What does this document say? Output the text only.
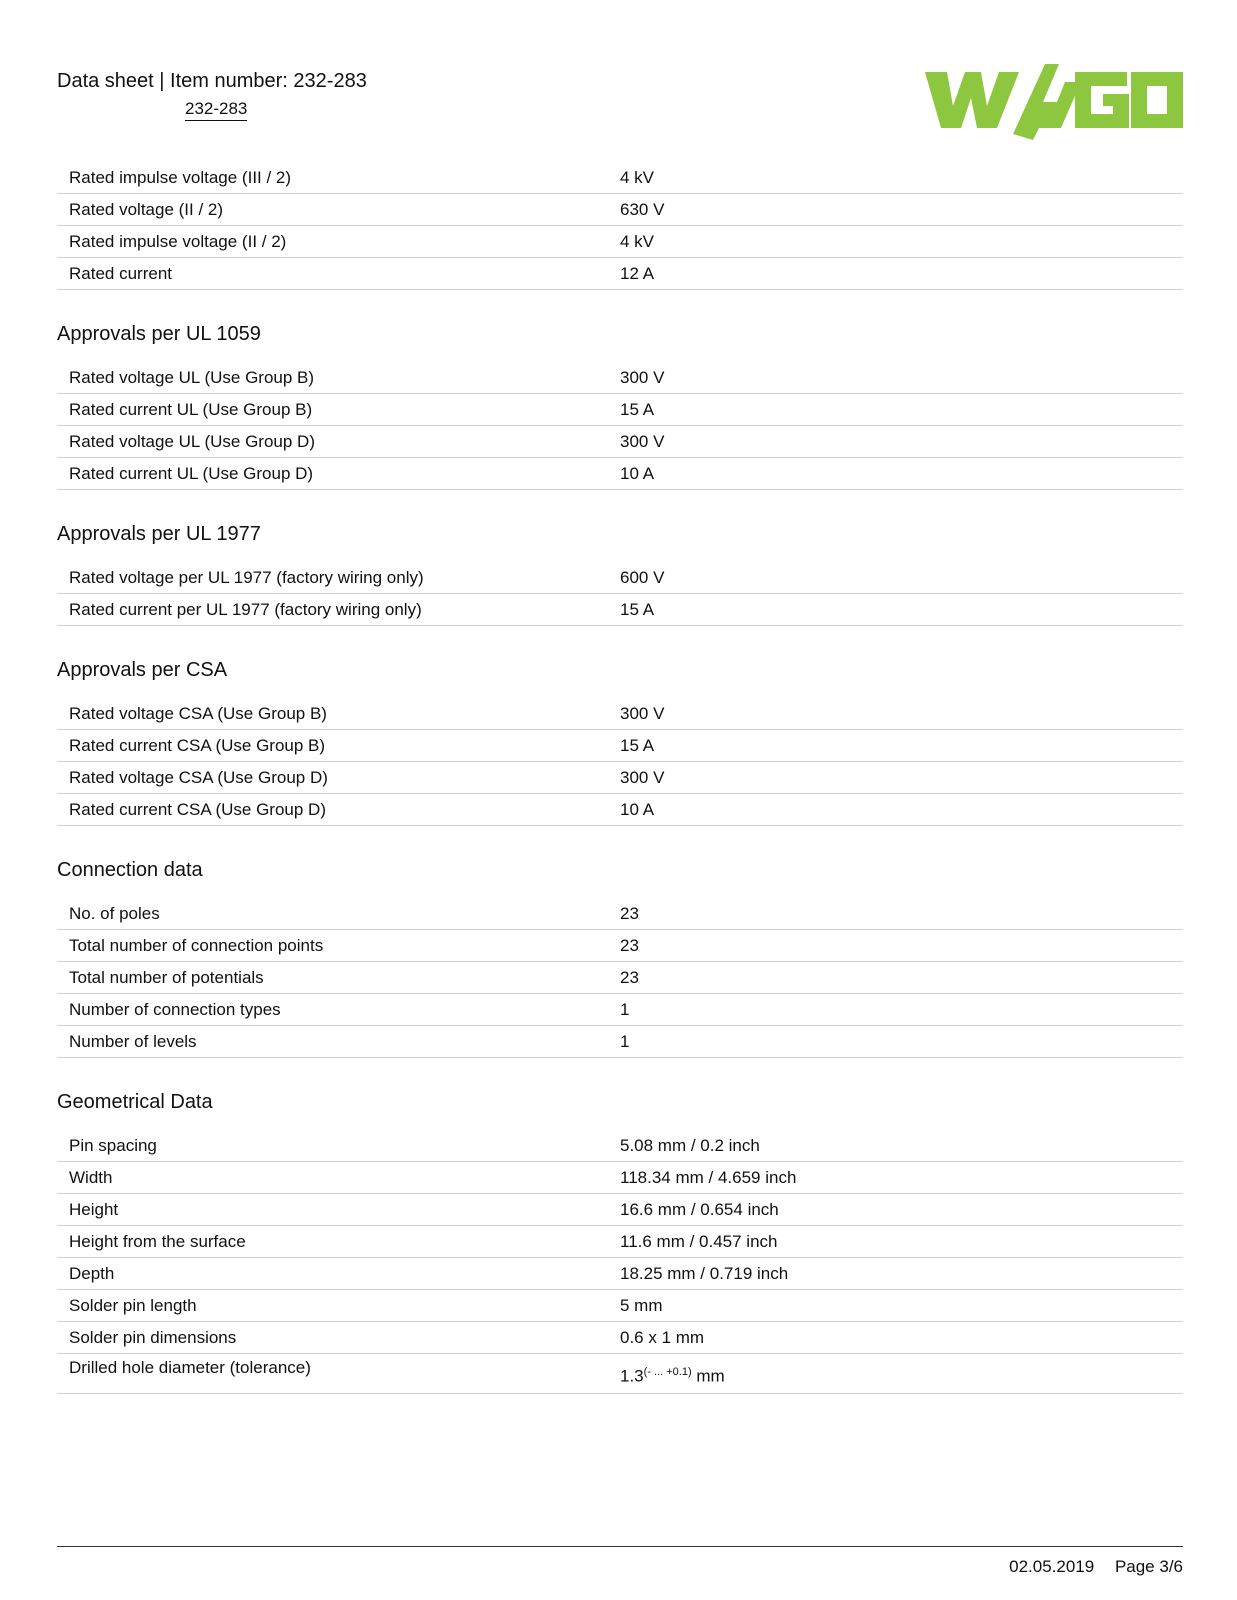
Data sheet | Item number: 232-283
232-283
Rated impulse voltage (III / 2)	4 kV
Rated voltage (II / 2)	630 V
Rated impulse voltage (II / 2)	4 kV
Rated current	12 A
Approvals per UL 1059
Rated voltage UL (Use Group B)	300 V
Rated current UL (Use Group B)	15 A
Rated voltage UL (Use Group D)	300 V
Rated current UL (Use Group D)	10 A
Approvals per UL 1977
Rated voltage per UL 1977 (factory wiring only)	600 V
Rated current per UL 1977 (factory wiring only)	15 A
Approvals per CSA
Rated voltage CSA (Use Group B)	300 V
Rated current CSA (Use Group B)	15 A
Rated voltage CSA (Use Group D)	300 V
Rated current CSA (Use Group D)	10 A
Connection data
No. of poles	23
Total number of connection points	23
Total number of potentials	23
Number of connection types	1
Number of levels	1
Geometrical Data
Pin spacing	5.08 mm / 0.2 inch
Width	118.34 mm / 4.659 inch
Height	16.6 mm / 0.654 inch
Height from the surface	11.6 mm / 0.457 inch
Depth	18.25 mm / 0.719 inch
Solder pin length	5 mm
Solder pin dimensions	0.6 x 1 mm
Drilled hole diameter (tolerance)	$1.3^{(- ... +0.1)}$ mm
02.05.2019 Page 3/6
